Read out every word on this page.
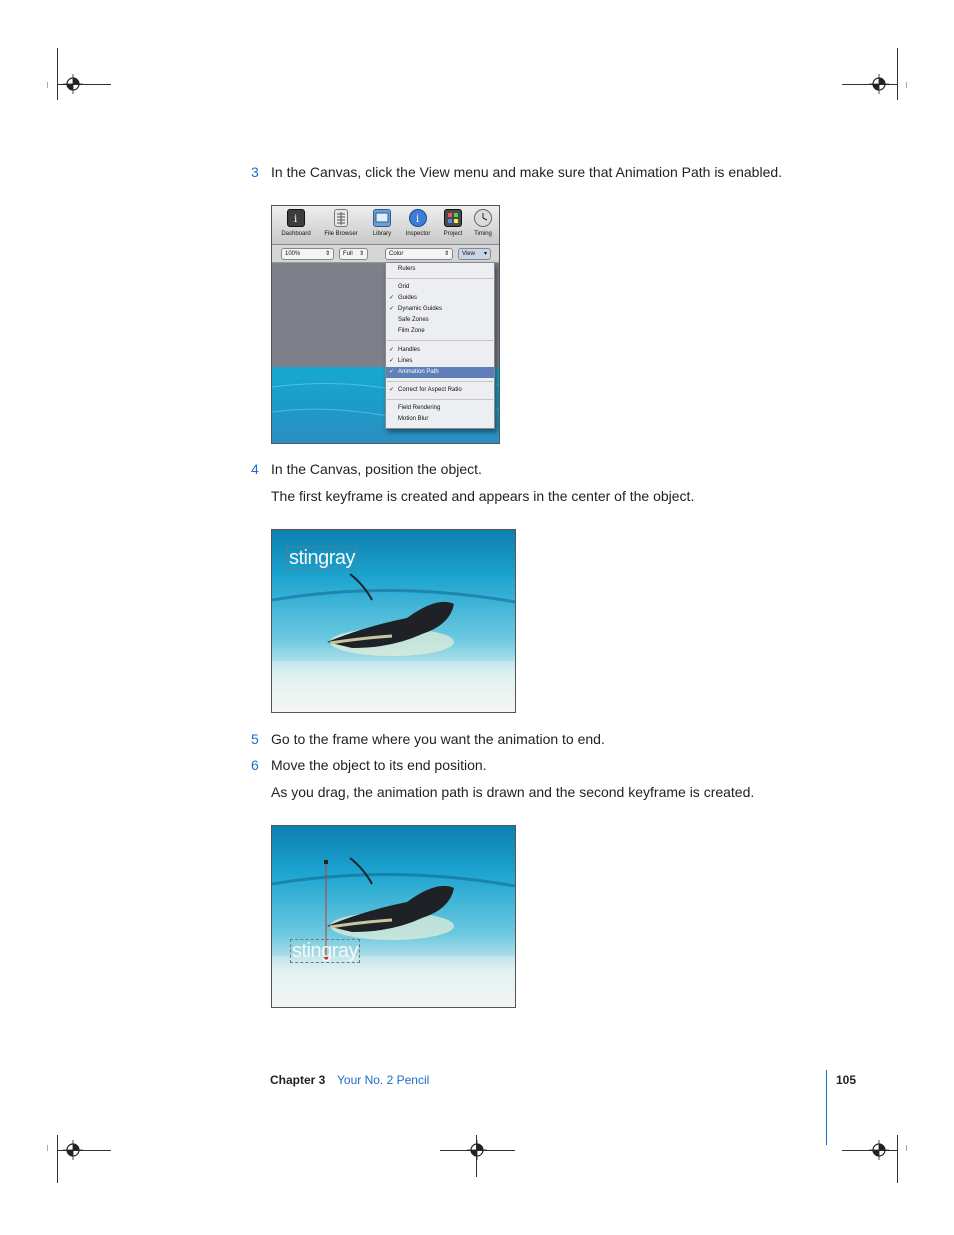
3 In the Canvas, click the View menu and make sure that Animation Path is enabled.
i
Dashboard	File Browser	Library
i
Inspector	Project	Timing
100%	⇕	Full ⇕	Color	⇕	View ▾
Rulers
Grid
✓ Guides
✓ Dynamic Guides
Safe Zones
Film Zone
✓ Handles
✓ Lines
✓ Animation Path
✓ Correct for Aspect Ratio
Field Rendering
Motion Blur
4 In the Canvas, position the object.
The first keyframe is created and appears in the center of the object.
stingray
5 Go to the frame where you want the animation to end.
6 Move the object to its end position.
As you drag, the animation path is drawn and the second keyframe is created.
stingray
Chapter 3 Your No. 2 Pencil	105
